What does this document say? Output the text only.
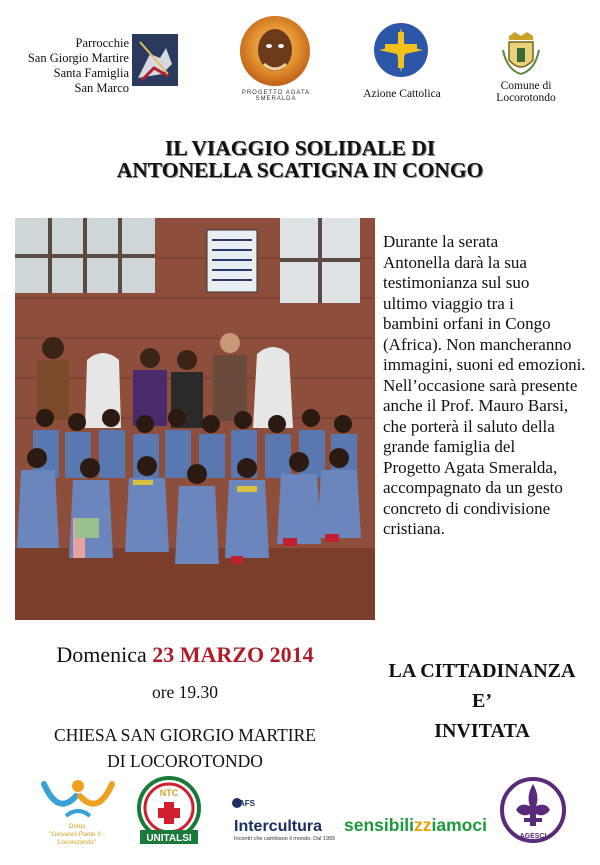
Parrocchie
San Giorgio Martire
Santa Famiglia
San Marco	PROGETTO AGATA SMERALDA	Azione Cattolica
Comune di Locorotondo
IL VIAGGIO SOLIDALE DI
ANTONELLA SCATIGNA IN CONGO
Durante la serata
Antonella darà la sua
testimonianza sul suo
ultimo viaggio tra i
bambini orfani in Congo
(Africa). Non mancheranno
immagini, suoni ed emozioni.
Nell’occasione sarà presente
anche il Prof. Mauro Barsi,
che porterà il saluto della
grande famiglia del
Progetto Agata Smeralda,
accompagnato da un gesto
concreto di condivisione
cristiana.
Domenica 23 MARZO 2014
ore 19.30
CHIESA SAN GIORGIO MARTIRE
DI LOCOROTONDO
LA CITTADINANZA
E’
INVITATA
Onlus
"Giovanni Paolo II - Locorotondo"	UNITALSI
NTC
AFS
Intercultura
Incontri che cambiano il mondo. Dal 1955
sensibilizziamoci
AGESCI
